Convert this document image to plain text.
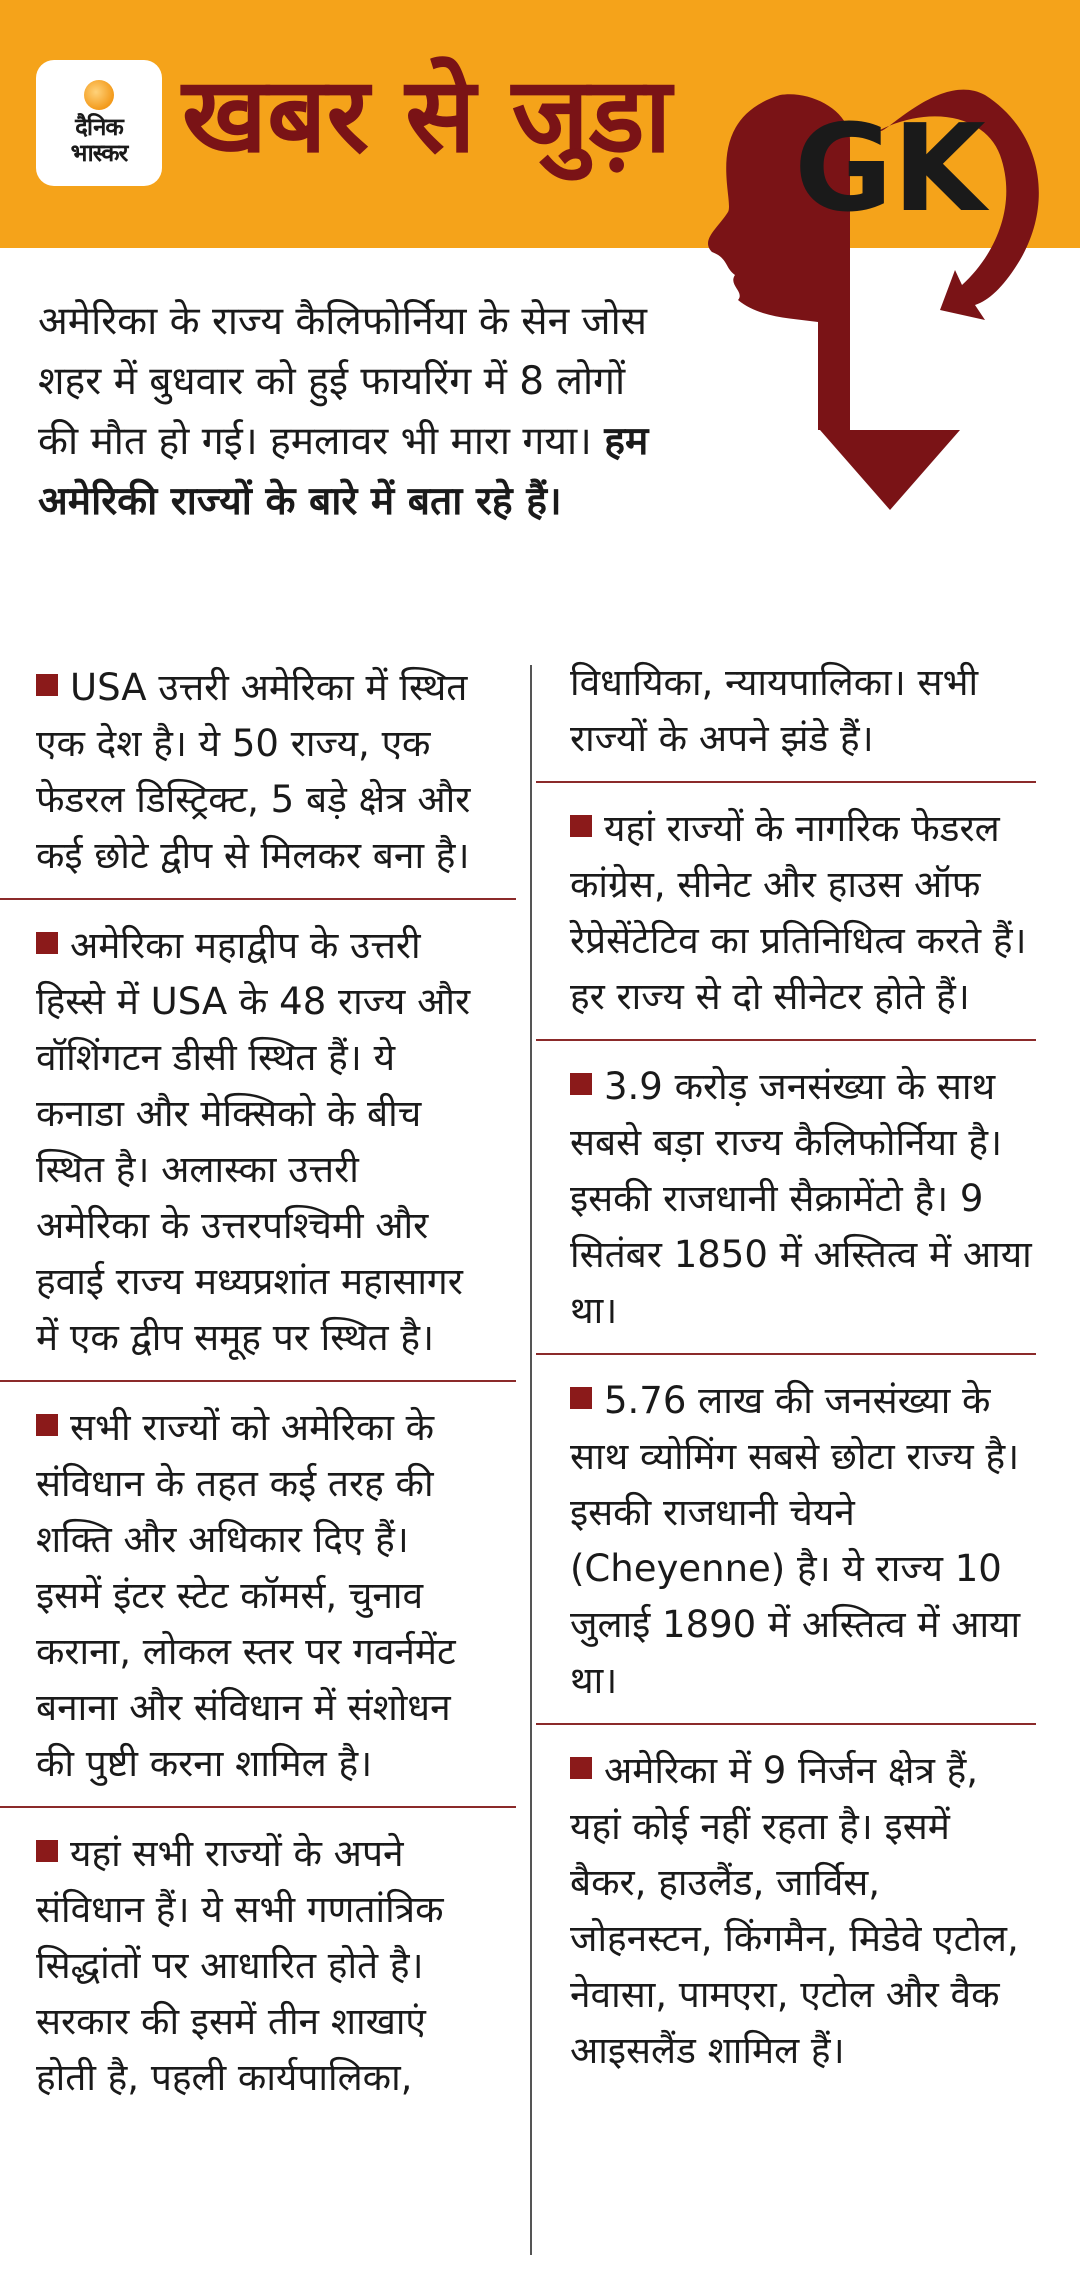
दैनिक
भास्कर खबर से जुड़ा GK

अमेरिका के राज्य कैलिफोर्निया के सेन जोस शहर में बुधवार को हुई फायरिंग में 8 लोगों की मौत हो गई। हमलावर भी मारा गया। हम अमेरिकी राज्यों के बारे में बता रहे हैं।

USA उत्तरी अमेरिका में स्थित एक देश है। ये 50 राज्य, एक फेडरल डिस्ट्रिक्ट, 5 बड़े क्षेत्र और कई छोटे द्वीप से मिलकर बना है।

अमेरिका महाद्वीप के उत्तरी हिस्से में USA के 48 राज्य और वॉशिंगटन डीसी स्थित हैं। ये कनाडा और मेक्सिको के बीच स्थित है। अलास्का उत्तरी अमेरिका के उत्तरपश्चिमी और हवाई राज्य मध्यप्रशांत महासागर में एक द्वीप समूह पर स्थित है।

सभी राज्यों को अमेरिका के संविधान के तहत कई तरह की शक्ति और अधिकार दिए हैं। इसमें इंटर स्टेट कॉमर्स, चुनाव कराना, लोकल स्तर पर गवर्नमेंट बनाना और संविधान में संशोधन की पुष्टी करना शामिल है।

यहां सभी राज्यों के अपने संविधान हैं। ये सभी गणतांत्रिक सिद्धांतों पर आधारित होते है। सरकार की इसमें तीन शाखाएं होती है, पहली कार्यपालिका,

विधायिका, न्यायपालिका। सभी राज्यों के अपने झंडे हैं।

यहां राज्यों के नागरिक फेडरल कांग्रेस, सीनेट और हाउस ऑफ रेप्रेसेंटेटिव का प्रतिनिधित्व करते हैं। हर राज्य से दो सीनेटर होते हैं।

3.9 करोड़ जनसंख्या के साथ सबसे बड़ा राज्य कैलिफोर्निया है। इसकी राजधानी सैक्रामेंटो है। 9 सितंबर 1850 में अस्तित्व में आया था।

5.76 लाख की जनसंख्या के साथ व्योमिंग सबसे छोटा राज्य है। इसकी राजधानी चेयने (Cheyenne) है। ये राज्य 10 जुलाई 1890 में अस्तित्व में आया था।

अमेरिका में 9 निर्जन क्षेत्र हैं, यहां कोई नहीं रहता है। इसमें बैकर, हाउलैंड, जार्विस, जोहनस्टन, किंगमैन, मिडेवे एटोल, नेवासा, पामएरा, एटोल और वैक आइसलैंड शामिल हैं।
